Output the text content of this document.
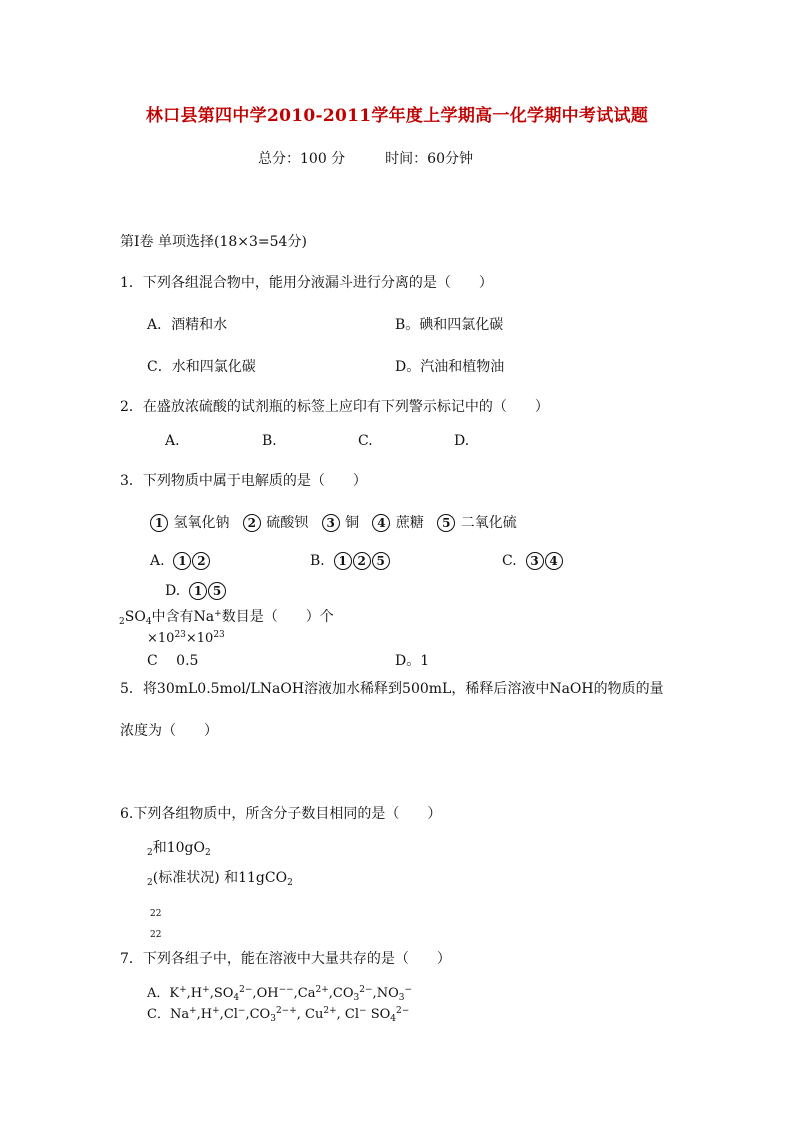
林口县第四中学2010-2011学年度上学期高一化学期中考试试题
总分：100 分	时间：60分钟
第Ⅰ卷 单项选择(18×3=54分)
1．下列各组混合物中，能用分液漏斗进行分离的是（　　）
A．酒精和水	B。碘和四氯化碳
C．水和四氯化碳	D。汽油和植物油
2．在盛放浓硫酸的试剂瓶的标签上应印有下列警示标记中的（　　）
A.	B.	C.	D.
3．下列物质中属于电解质的是（　　）
1 氢氧化钠 2 硫酸钡 3 铜 4 蔗糖 5 二氧化硫
A. 1 2	B. 1 2 5	C. 3 4
D. 1 5
$_2SO_4$中含有Na+数目是（　　）个
$\times 10^{23}\times 10^{23}$
C　 0.5	D。1
5．将30mL0.5mol/LNaOH溶液加水稀释到500mL，稀释后溶液中NaOH的物质的量
浓度为（　　）
6.下列各组物质中，所含分子数目相同的是（　　）
$_2$和$10gO_2$
$_2$(标准状况) 和11gCO$_2$
22
22
7．下列各组子中，能在溶液中大量共存的是（　　）
A．$K^+,H^+,SO_4^{2-},OH^{--},Ca^{2+},CO_3^{2-},NO_3^-$
C．$Na^+,H^+,Cl^-,CO_3^{2-+}$, $Cu^{2+}$, Cl− $SO_4^{2-}$
